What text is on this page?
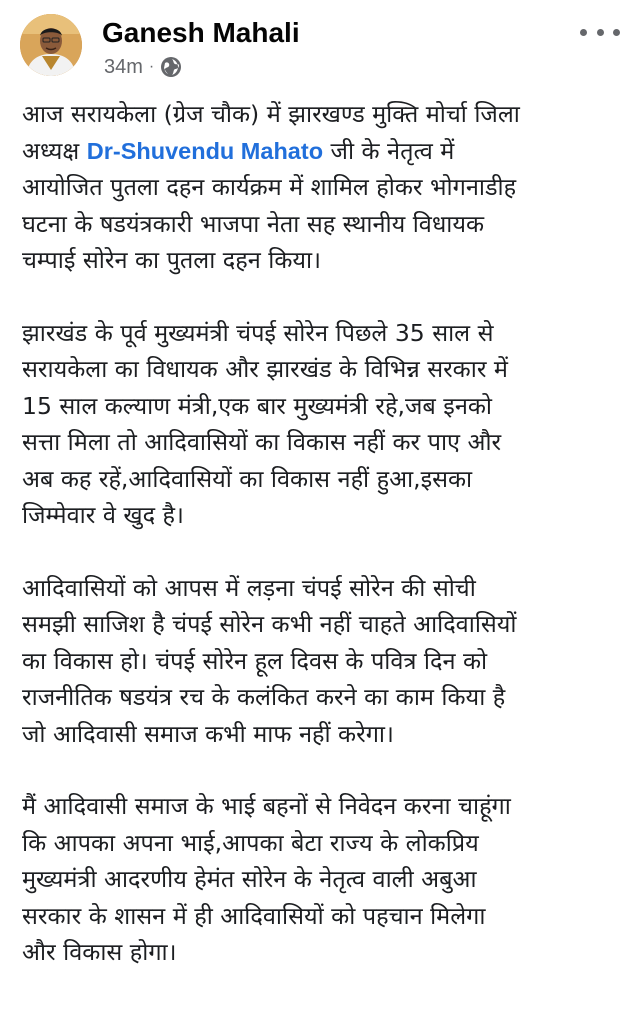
Ganesh Mahali
34m ·

आज सरायकेला (ग्रेज चौक) में झारखण्ड मुक्ति मोर्चा जिला
अध्यक्ष Dr-Shuvendu Mahato जी के नेतृत्व में
आयोजित पुतला दहन कार्यक्रम में शामिल होकर भोगनाडीह
घटना के षडयंत्रकारी भाजपा नेता सह स्थानीय विधायक
चम्पाई सोरेन का पुतला दहन किया।

झारखंड के पूर्व मुख्यमंत्री चंपई सोरेन पिछले 35 साल से
सरायकेला का विधायक और झारखंड के विभिन्न सरकार में
15 साल कल्याण मंत्री,एक बार मुख्यमंत्री रहे,जब इनको
सत्ता मिला तो आदिवासियों का विकास नहीं कर पाए और
अब कह रहें,आदिवासियों का विकास नहीं हुआ,इसका
जिम्मेवार वे खुद है।

आदिवासियों को आपस में लड़ना चंपई सोरेन की सोची
समझी साजिश है चंपई सोरेन कभी नहीं चाहते आदिवासियों
का विकास हो। चंपई सोरेन हूल दिवस के पवित्र दिन को
राजनीतिक षडयंत्र रच के कलंकित करने का काम किया है
जो आदिवासी समाज कभी माफ नहीं करेगा।

मैं आदिवासी समाज के भाई बहनों से निवेदन करना चाहूंगा
कि आपका अपना भाई,आपका बेटा राज्य के लोकप्रिय
मुख्यमंत्री आदरणीय हेमंत सोरेन के नेतृत्व वाली अबुआ
सरकार के शासन में ही आदिवासियों को पहचान मिलेगा
और विकास होगा।
